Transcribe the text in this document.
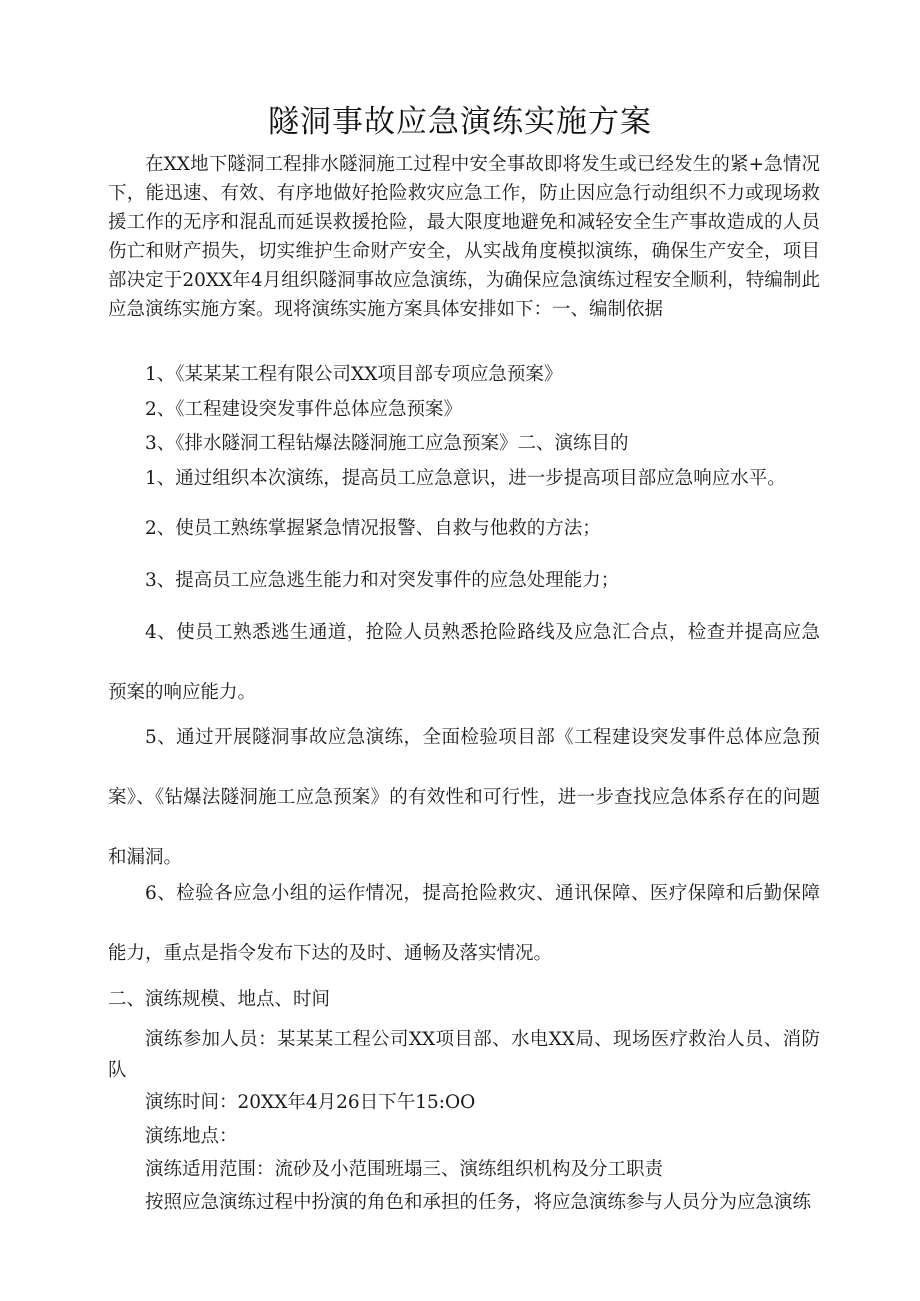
隧洞事故应急演练实施方案

在XX地下隧洞工程排水隧洞施工过程中安全事故即将发生或已经发生的紧+急情况下，能迅速、有效、有序地做好抢险救灾应急工作，防止因应急行动组织不力或现场救援工作的无序和混乱而延误救援抢险，最大限度地避免和减轻安全生产事故造成的人员伤亡和财产损失，切实维护生命财产安全，从实战角度模拟演练，确保生产安全，项目部决定于20XX年4月组织隧洞事故应急演练，为确保应急演练过程安全顺利，特编制此应急演练实施方案。现将演练实施方案具体安排如下：一、编制依据

1、《某某某工程有限公司XX项目部专项应急预案》

2、《工程建设突发事件总体应急预案》

3、《排水隧洞工程钻爆法隧洞施工应急预案》二、演练目的

1、通过组织本次演练，提高员工应急意识，进一步提高项目部应急响应水平。

2、使员工熟练掌握紧急情况报警、自救与他救的方法；

3、提高员工应急逃生能力和对突发事件的应急处理能力；

4、使员工熟悉逃生通道，抢险人员熟悉抢险路线及应急汇合点，检查并提高应急预案的响应能力。

5、通过开展隧洞事故应急演练，全面检验项目部《工程建设突发事件总体应急预案》、《钻爆法隧洞施工应急预案》的有效性和可行性，进一步查找应急体系存在的问题和漏洞。

6、检验各应急小组的运作情况，提高抢险救灾、通讯保障、医疗保障和后勤保障能力，重点是指令发布下达的及时、通畅及落实情况。

二、演练规模、地点、时间

演练参加人员：某某某工程公司XX项目部、水电XX局、现场医疗救治人员、消防队

演练时间：20XX年4月26日下午15:OO

演练地点：

演练适用范围：流砂及小范围班塌三、演练组织机构及分工职责

按照应急演练过程中扮演的角色和承担的任务，将应急演练参与人员分为应急演练
